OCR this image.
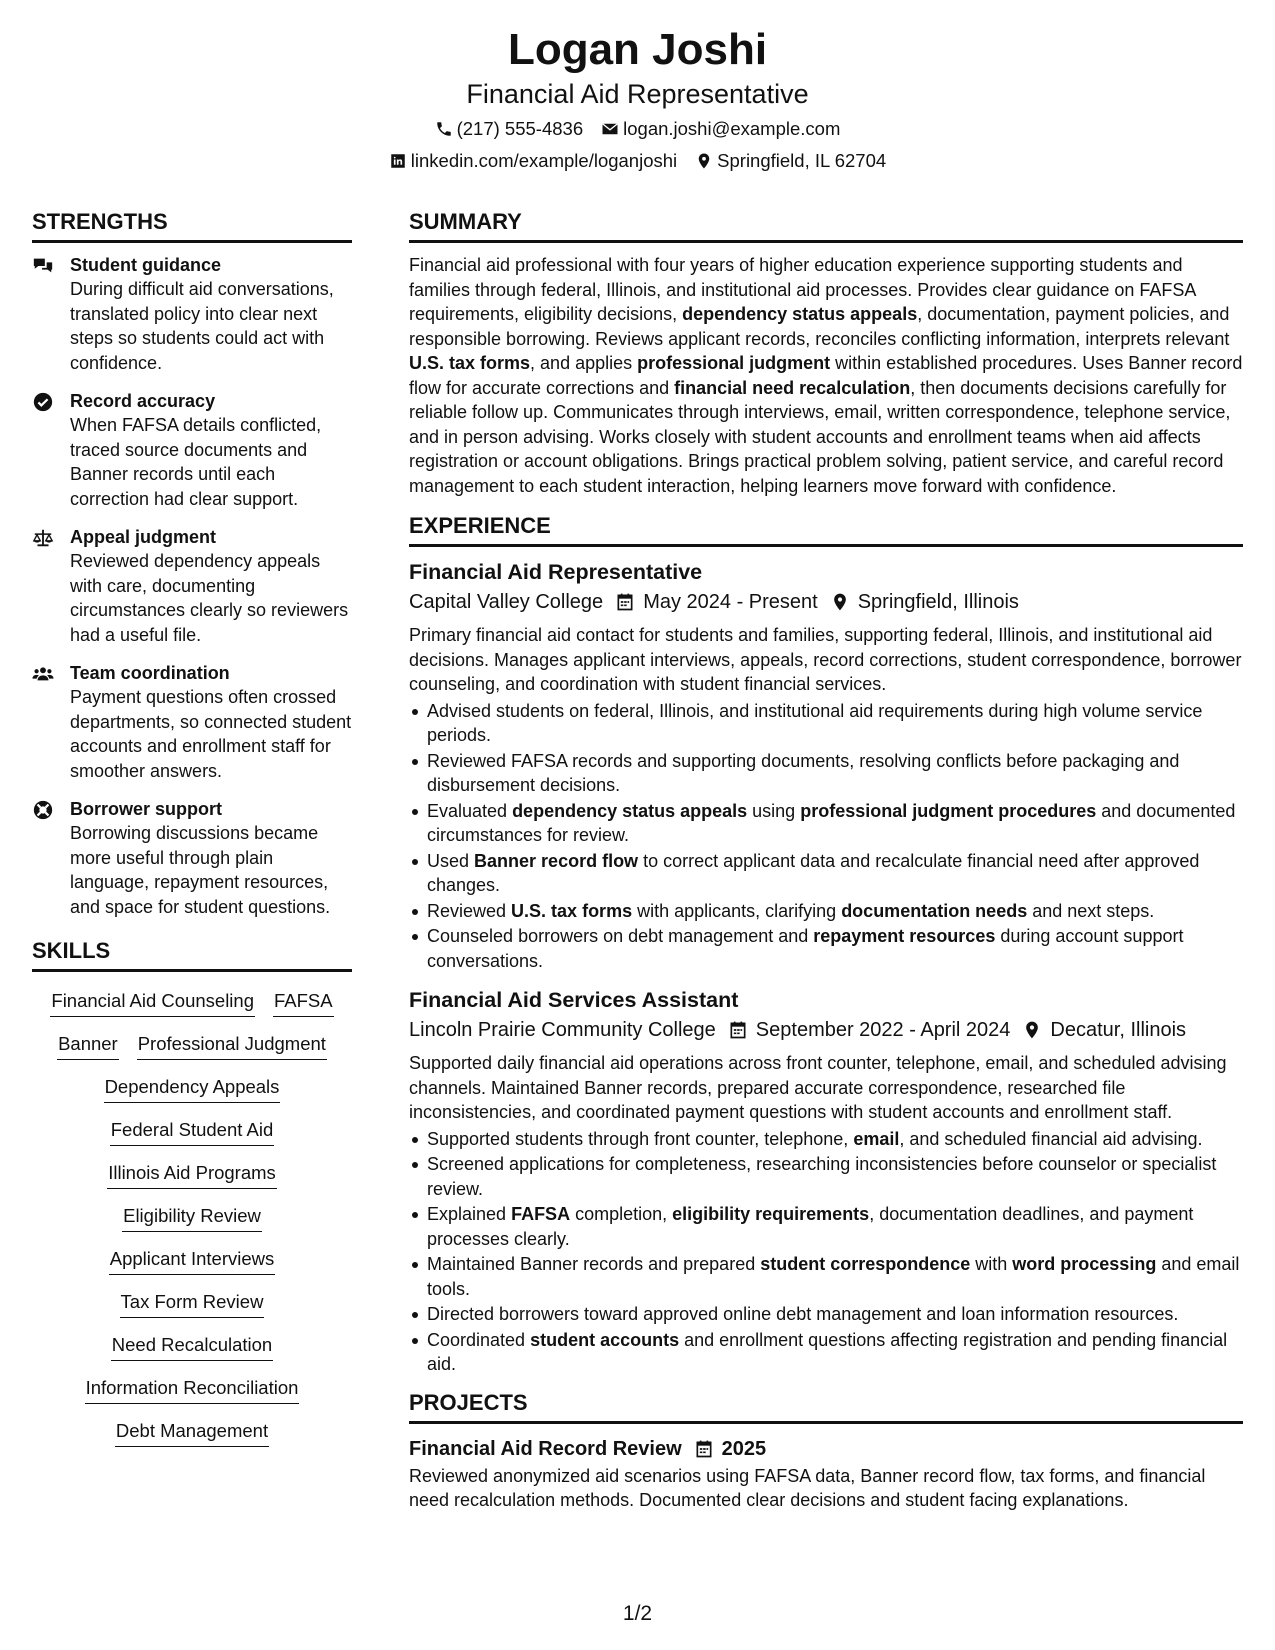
Logan Joshi
Financial Aid Representative
(217) 555-4836 logan.joshi@example.com
linkedin.com/example/loganjoshi Springfield, IL 62704
STRENGTHS
Student guidance
During difficult aid conversations, translated policy into clear next steps so students could act with confidence.
Record accuracy
When FAFSA details conflicted, traced source documents and Banner records until each correction had clear support.
Appeal judgment
Reviewed dependency appeals with care, documenting circumstances clearly so reviewers had a useful file.
Team coordination
Payment questions often crossed departments, so connected student accounts and enrollment staff for smoother answers.
Borrower support
Borrowing discussions became more useful through plain language, repayment resources, and space for student questions.
SKILLS
Financial Aid Counseling FAFSA
Banner Professional Judgment
Dependency Appeals
Federal Student Aid
Illinois Aid Programs
Eligibility Review
Applicant Interviews
Tax Form Review
Need Recalculation
Information Reconciliation
Debt Management
SUMMARY
Financial aid professional with four years of higher education experience supporting students and families through federal, Illinois, and institutional aid processes. Provides clear guidance on FAFSA requirements, eligibility decisions, dependency status appeals, documentation, payment policies, and responsible borrowing. Reviews applicant records, reconciles conflicting information, interprets relevant U.S. tax forms, and applies professional judgment within established procedures. Uses Banner record flow for accurate corrections and financial need recalculation, then documents decisions carefully for reliable follow up. Communicates through interviews, email, written correspondence, telephone service, and in person advising. Works closely with student accounts and enrollment teams when aid affects registration or account obligations. Brings practical problem solving, patient service, and careful record management to each student interaction, helping learners move forward with confidence.
EXPERIENCE
Financial Aid Representative
Capital Valley College May 2024 - Present Springfield, Illinois
Primary financial aid contact for students and families, supporting federal, Illinois, and institutional aid decisions. Manages applicant interviews, appeals, record corrections, student correspondence, borrower counseling, and coordination with student financial services.
Advised students on federal, Illinois, and institutional aid requirements during high volume service periods.
Reviewed FAFSA records and supporting documents, resolving conflicts before packaging and disbursement decisions.
Evaluated dependency status appeals using professional judgment procedures and documented circumstances for review.
Used Banner record flow to correct applicant data and recalculate financial need after approved changes.
Reviewed U.S. tax forms with applicants, clarifying documentation needs and next steps.
Counseled borrowers on debt management and repayment resources during account support conversations.
Financial Aid Services Assistant
Lincoln Prairie Community College September 2022 - April 2024 Decatur, Illinois
Supported daily financial aid operations across front counter, telephone, email, and scheduled advising channels. Maintained Banner records, prepared accurate correspondence, researched file inconsistencies, and coordinated payment questions with student accounts and enrollment staff.
Supported students through front counter, telephone, email, and scheduled financial aid advising.
Screened applications for completeness, researching inconsistencies before counselor or specialist review.
Explained FAFSA completion, eligibility requirements, documentation deadlines, and payment processes clearly.
Maintained Banner records and prepared student correspondence with word processing and email tools.
Directed borrowers toward approved online debt management and loan information resources.
Coordinated student accounts and enrollment questions affecting registration and pending financial aid.
PROJECTS
Financial Aid Record Review 2025
Reviewed anonymized aid scenarios using FAFSA data, Banner record flow, tax forms, and financial need recalculation methods. Documented clear decisions and student facing explanations.
1/2
